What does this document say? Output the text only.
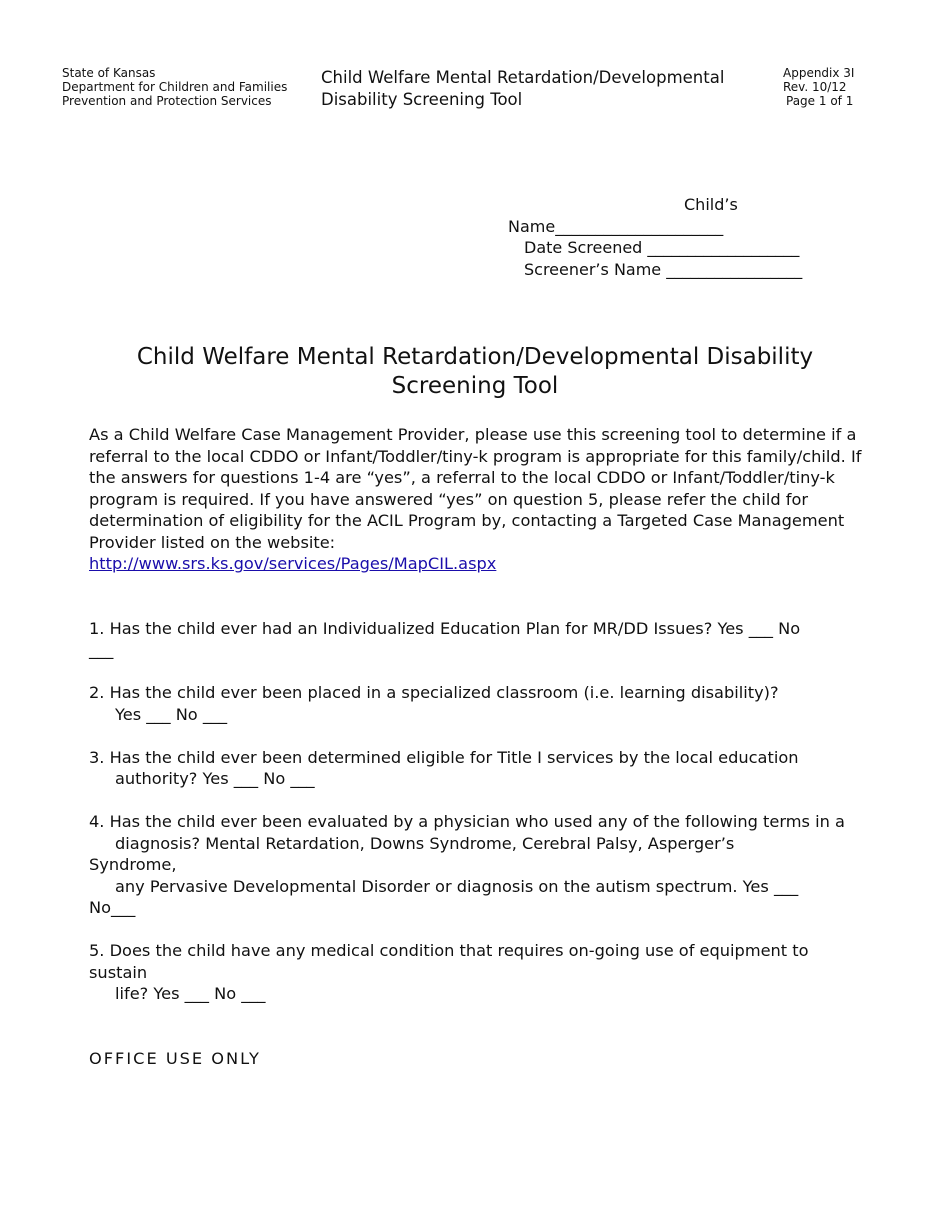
State of Kansas
Department for Children and Families
Prevention and Protection Services
Child Welfare Mental Retardation/Developmental
Disability Screening Tool
Appendix 3I
Rev. 10/12
Page 1 of 1
Child’s
Name_____________________
Date Screened ___________________
Screener’s Name _________________
Child Welfare Mental Retardation/Developmental Disability Screening Tool

As a Child Welfare Case Management Provider, please use this screening tool to determine if a referral to the local CDDO or Infant/Toddler/tiny-k program is appropriate for this family/child. If the answers for questions 1-4 are “yes”, a referral to the local CDDO or Infant/Toddler/tiny-k program is required. If you have answered “yes” on question 5, please refer the child for determination of eligibility for the ACIL Program by, contacting a Targeted Case Management Provider listed on the website:
http://www.srs.ks.gov/services/Pages/MapCIL.aspx

1. Has the child ever had an Individualized Education Plan for MR/DD Issues? Yes ___ No
___
2. Has the child ever been placed in a specialized classroom (i.e. learning disability)?
Yes ___ No ___
3. Has the child ever been determined eligible for Title I services by the local education
authority? Yes ___ No ___
4. Has the child ever been evaluated by a physician who used any of the following terms in a
diagnosis? Mental Retardation, Downs Syndrome, Cerebral Palsy, Asperger’s
Syndrome,
any Pervasive Developmental Disorder or diagnosis on the autism spectrum. Yes ___
No___
5. Does the child have any medical condition that requires on-going use of equipment to
sustain
life? Yes ___ No ___
OFFICE USE ONLY
